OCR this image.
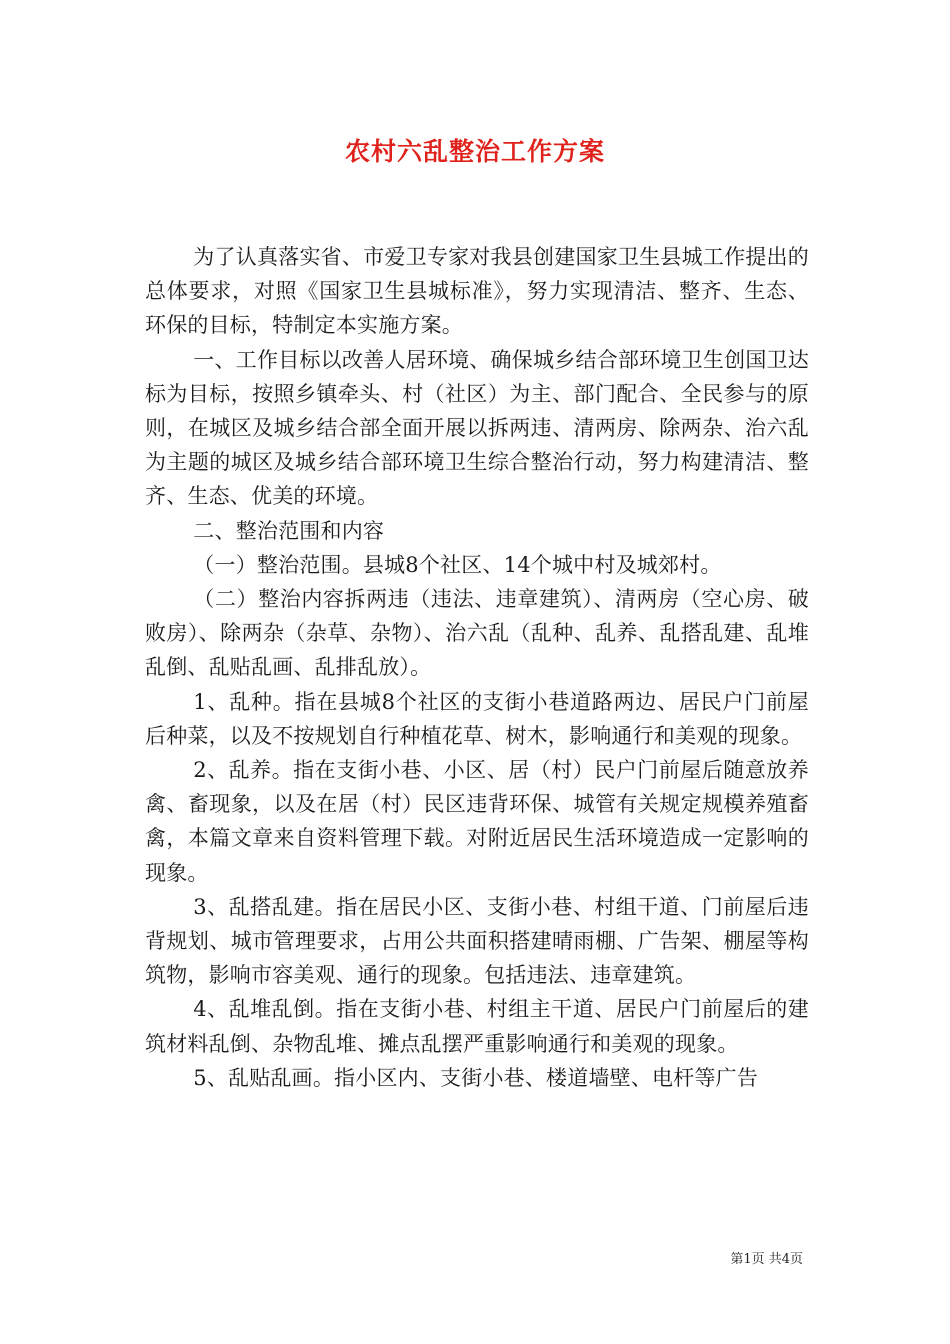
农村六乱整治工作方案

为了认真落实省、市爱卫专家对我县创建国家卫生县城工作提出的总体要求，对照《国家卫生县城标准》，努力实现清洁、整齐、生态、环保的目标，特制定本实施方案。

一、工作目标以改善人居环境、确保城乡结合部环境卫生创国卫达标为目标，按照乡镇牵头、村（社区）为主、部门配合、全民参与的原则，在城区及城乡结合部全面开展以拆两违、清两房、除两杂、治六乱为主题的城区及城乡结合部环境卫生综合整治行动，努力构建清洁、整齐、生态、优美的环境。

二、整治范围和内容

（一）整治范围。县城8个社区、14个城中村及城郊村。

（二）整治内容拆两违（违法、违章建筑）、清两房（空心房、破败房）、除两杂（杂草、杂物）、治六乱（乱种、乱养、乱搭乱建、乱堆乱倒、乱贴乱画、乱排乱放）。

1、乱种。指在县城8个社区的支街小巷道路两边、居民户门前屋后种菜，以及不按规划自行种植花草、树木，影响通行和美观的现象。

2、乱养。指在支街小巷、小区、居（村）民户门前屋后随意放养禽、畜现象，以及在居（村）民区违背环保、城管有关规定规模养殖畜禽，本篇文章来自资料管理下载。对附近居民生活环境造成一定影响的现象。

3、乱搭乱建。指在居民小区、支街小巷、村组干道、门前屋后违背规划、城市管理要求，占用公共面积搭建晴雨棚、广告架、棚屋等构筑物，影响市容美观、通行的现象。包括违法、违章建筑。

4、乱堆乱倒。指在支街小巷、村组主干道、居民户门前屋后的建筑材料乱倒、杂物乱堆、摊点乱摆严重影响通行和美观的现象。

5、乱贴乱画。指小区内、支街小巷、楼道墙壁、电杆等广告

第1页 共4页
